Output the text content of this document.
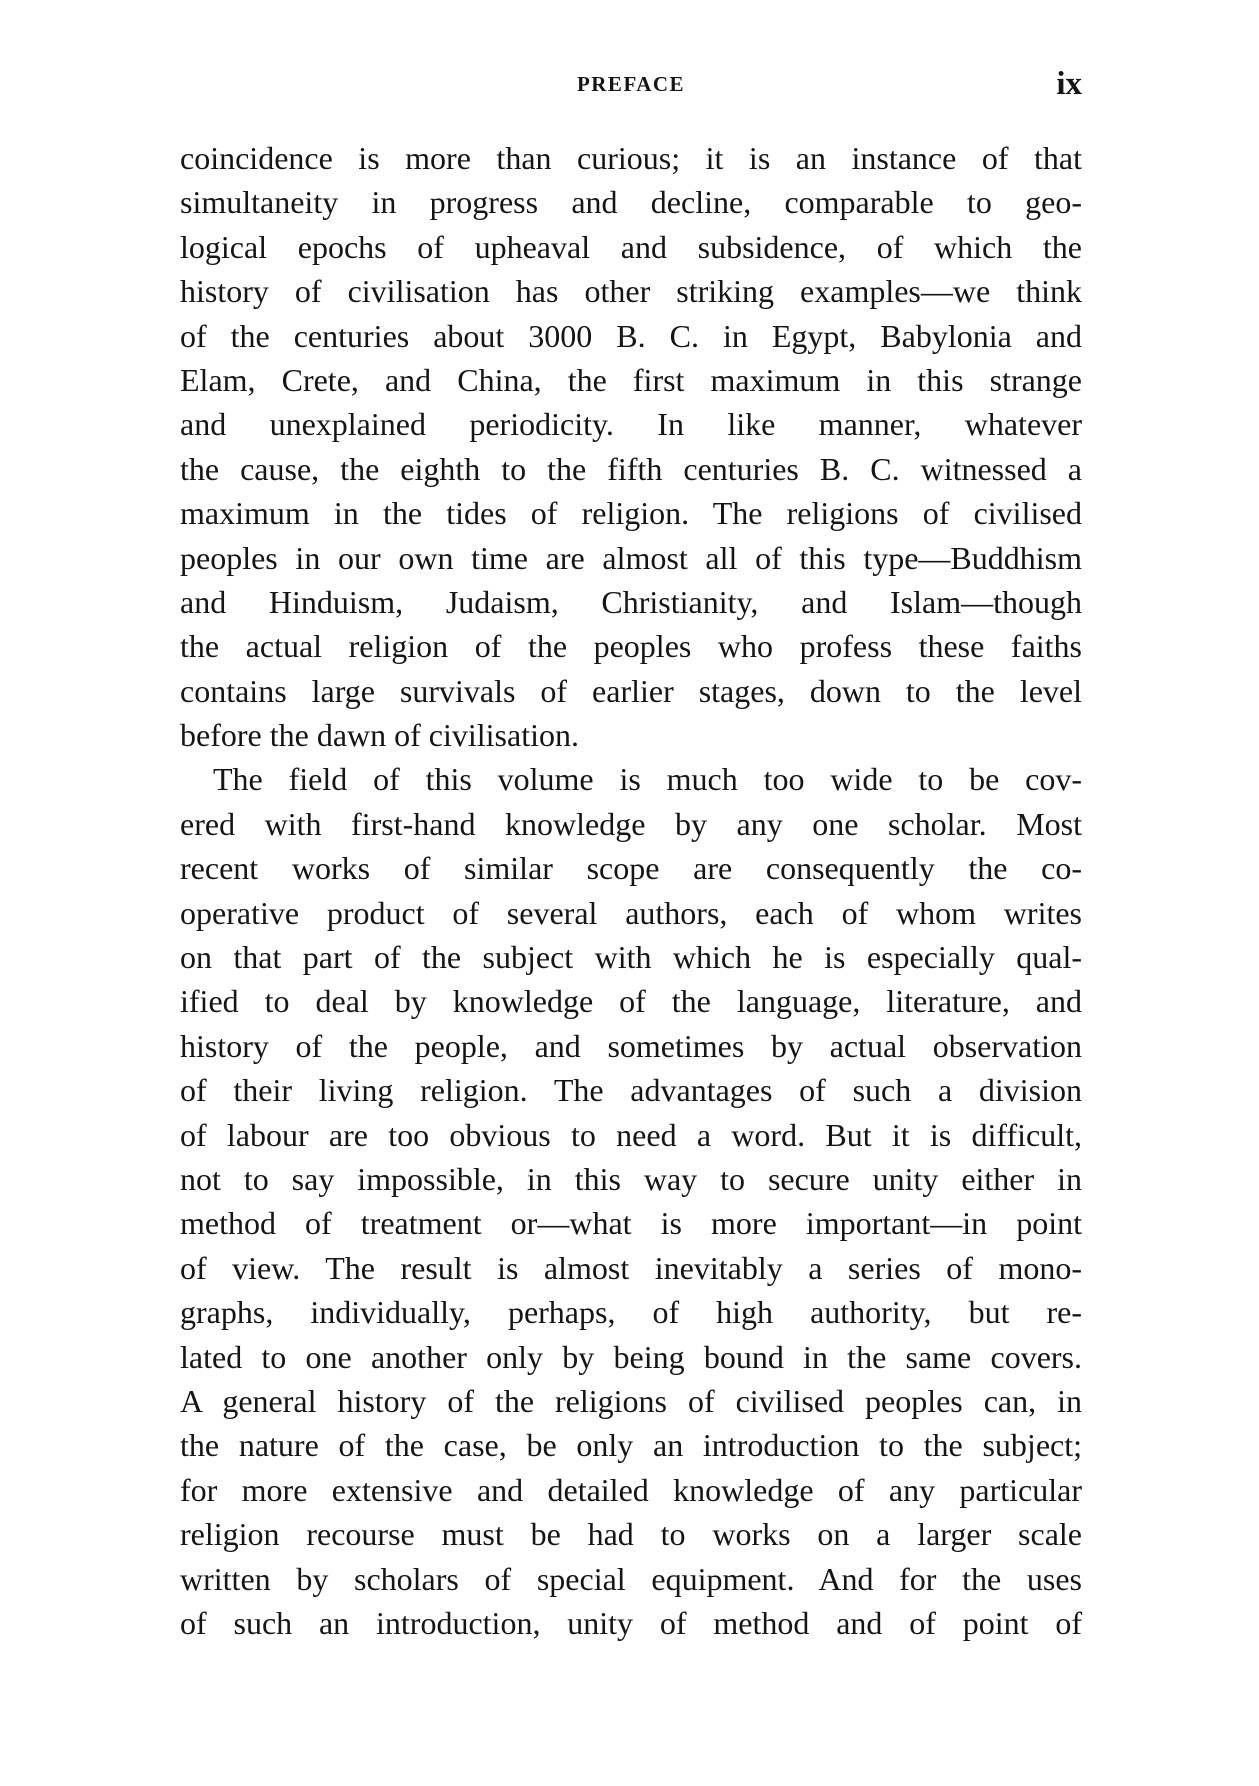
PREFACE	ix
coincidence is more than curious; it is an instance of that
simultaneity in progress and decline, comparable to geo-
logical epochs of upheaval and subsidence, of which the
history of civilisation has other striking examples—we think
of the centuries about 3000 B. C. in Egypt, Babylonia and
Elam, Crete, and China, the first maximum in this strange
and unexplained periodicity. In like manner, whatever
the cause, the eighth to the fifth centuries B. C. witnessed a
maximum in the tides of religion. The religions of civilised
peoples in our own time are almost all of this type—Buddhism
and Hinduism, Judaism, Christianity, and Islam—though
the actual religion of the peoples who profess these faiths
contains large survivals of earlier stages, down to the level
before the dawn of civilisation.
The field of this volume is much too wide to be cov-
ered with first-hand knowledge by any one scholar. Most
recent works of similar scope are consequently the co-
operative product of several authors, each of whom writes
on that part of the subject with which he is especially qual-
ified to deal by knowledge of the language, literature, and
history of the people, and sometimes by actual observation
of their living religion. The advantages of such a division
of labour are too obvious to need a word. But it is difficult,
not to say impossible, in this way to secure unity either in
method of treatment or—what is more important—in point
of view. The result is almost inevitably a series of mono-
graphs, individually, perhaps, of high authority, but re-
lated to one another only by being bound in the same covers.
A general history of the religions of civilised peoples can, in
the nature of the case, be only an introduction to the subject;
for more extensive and detailed knowledge of any particular
religion recourse must be had to works on a larger scale
written by scholars of special equipment. And for the uses
of such an introduction, unity of method and of point of
